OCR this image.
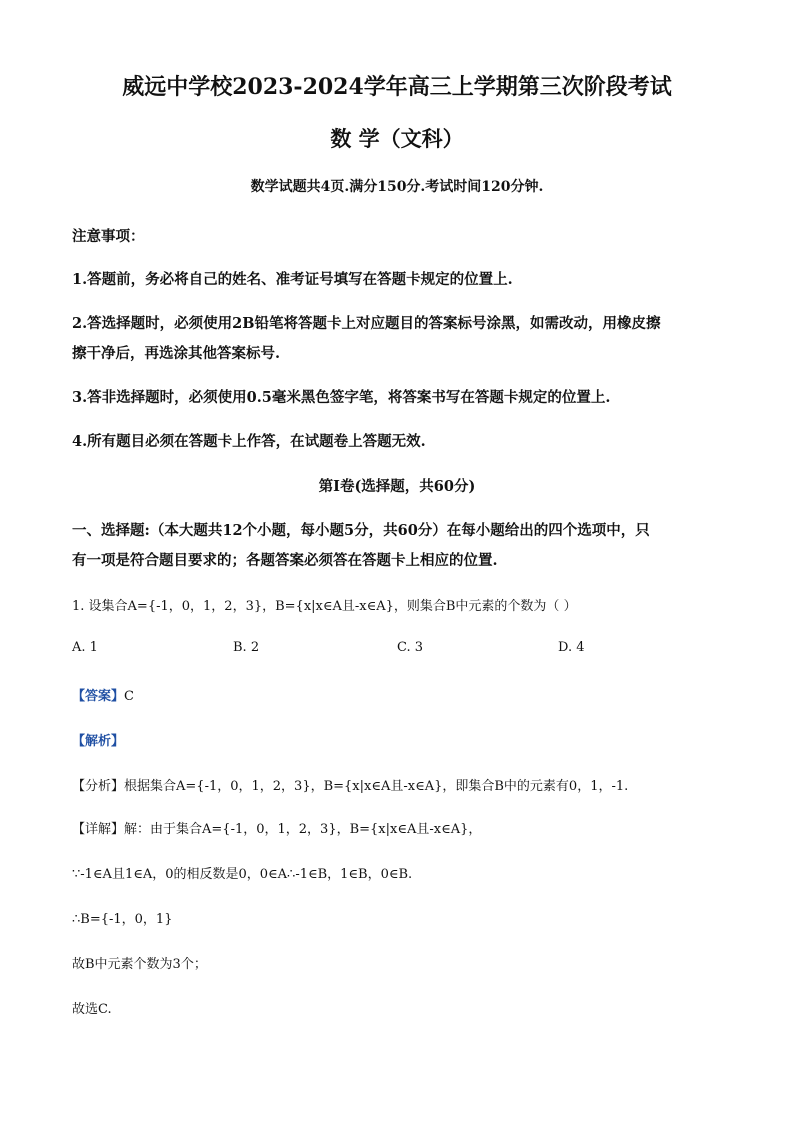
威远中学校2023-2024学年高三上学期第三次阶段考试
数 学（文科）
数学试题共4页.满分150分.考试时间120分钟.
注意事项：
1.答题前，务必将自己的姓名、准考证号填写在答题卡规定的位置上.
2.答选择题时，必须使用2B铅笔将答题卡上对应题目的答案标号涂黑，如需改动，用橡皮擦
擦干净后，再选涂其他答案标号.
3.答非选择题时，必须使用0.5毫米黑色签字笔，将答案书写在答题卡规定的位置上.
4.所有题目必须在答题卡上作答，在试题卷上答题无效.
第Ⅰ卷(选择题，共60分)
一、选择题:（本大题共12个小题，每小题5分，共60分）在每小题给出的四个选项中，只
有一项是符合题目要求的；各题答案必须答在答题卡上相应的位置.
1. 设集合A={-1，0，1，2，3}，B={x|x∈A且-x∈A}，则集合B中元素的个数为（ ）
A. 1	B. 2	C. 3	D. 4
【答案】C
【解析】
【分析】根据集合A={-1，0，1，2，3}，B={x|x∈A且-x∈A}，即集合B中的元素有0，1，-1.
【详解】解：由于集合A={-1，0，1，2，3}，B={x|x∈A且-x∈A}，
∵-1∈A且1∈A，0的相反数是0，0∈A∴-1∈B，1∈B，0∈B.
∴B={-1，0，1}
故B中元素个数为3个；
故选C.
